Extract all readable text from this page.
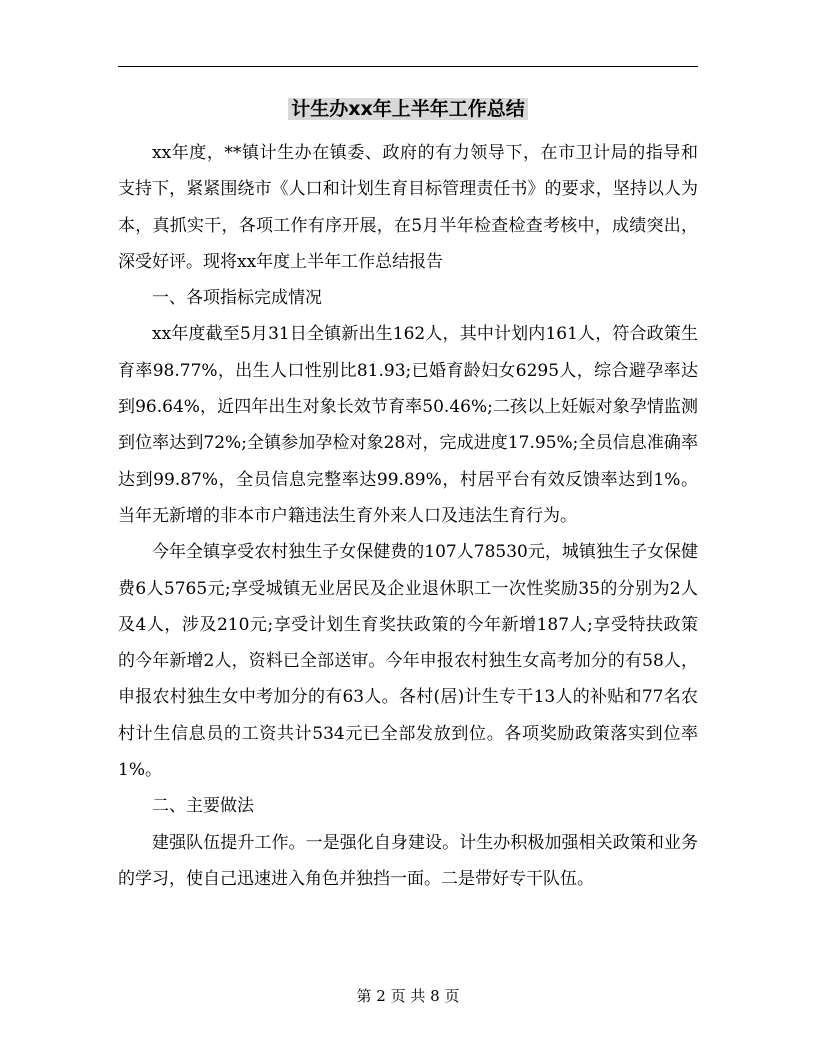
计生办xx年上半年工作总结

xx年度，**镇计生办在镇委、政府的有力领导下，在市卫计局的指导和支持下，紧紧围绕市《人口和计划生育目标管理责任书》的要求，坚持以人为本，真抓实干，各项工作有序开展，在5月半年检查检查考核中，成绩突出，深受好评。现将xx年度上半年工作总结报告

一、各项指标完成情况

xx年度截至5月31日全镇新出生162人，其中计划内161人，符合政策生育率98.77%，出生人口性别比81.93;已婚育龄妇女6295人，综合避孕率达到96.64%，近四年出生对象长效节育率50.46%;二孩以上妊娠对象孕情监测到位率达到72%;全镇参加孕检对象28对，完成进度17.95%;全员信息准确率达到99.87%，全员信息完整率达99.89%，村居平台有效反馈率达到1%。当年无新增的非本市户籍违法生育外来人口及违法生育行为。

今年全镇享受农村独生子女保健费的107人78530元，城镇独生子女保健费6人5765元;享受城镇无业居民及企业退休职工一次性奖励35的分别为2人及4人，涉及210元;享受计划生育奖扶政策的今年新增187人;享受特扶政策的今年新增2人，资料已全部送审。今年申报农村独生女高考加分的有58人，申报农村独生女中考加分的有63人。各村(居)计生专干13人的补贴和77名农村计生信息员的工资共计534元已全部发放到位。各项奖励政策落实到位率1%。

二、主要做法

建强队伍提升工作。一是强化自身建设。计生办积极加强相关政策和业务的学习，使自己迅速进入角色并独挡一面。二是带好专干队伍。

第 2 页 共 8 页
